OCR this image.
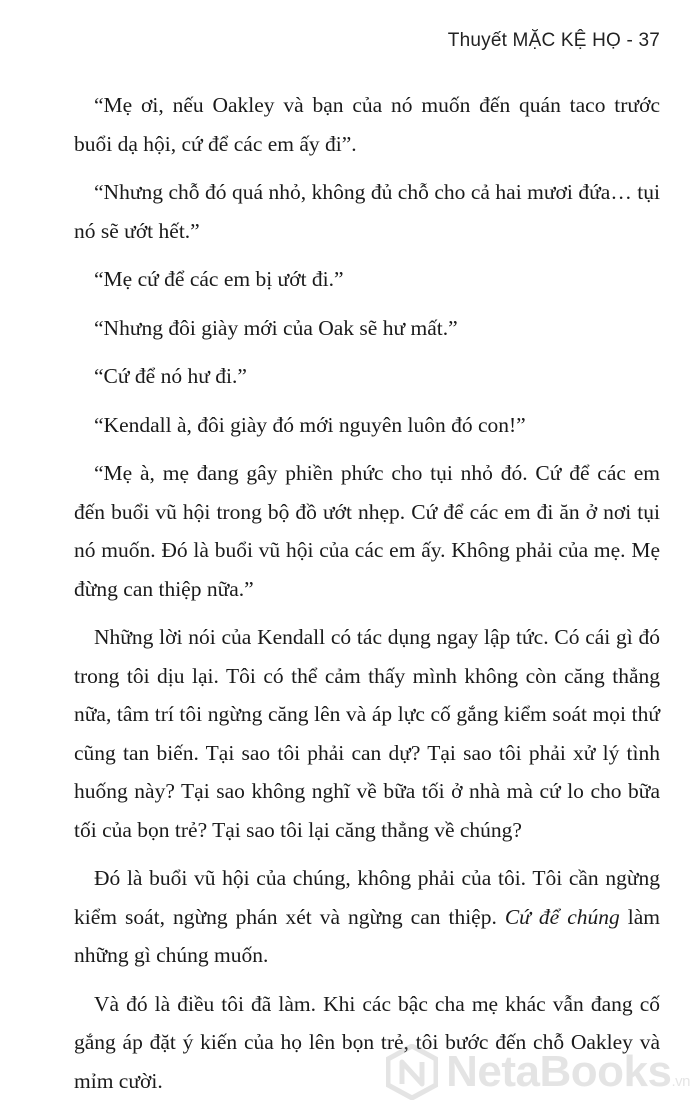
Thuyết MẶC KỆ HỌ - 37

“Mẹ ơi, nếu Oakley và bạn của nó muốn đến quán taco trước buổi dạ hội, cứ để các em ấy đi”.

“Nhưng chỗ đó quá nhỏ, không đủ chỗ cho cả hai mươi đứa… tụi nó sẽ ướt hết.”

“Mẹ cứ để các em bị ướt đi.”

“Nhưng đôi giày mới của Oak sẽ hư mất.”

“Cứ để nó hư đi.”

“Kendall à, đôi giày đó mới nguyên luôn đó con!”

“Mẹ à, mẹ đang gây phiền phức cho tụi nhỏ đó. Cứ để các em đến buổi vũ hội trong bộ đồ ướt nhẹp. Cứ để các em đi ăn ở nơi tụi nó muốn. Đó là buổi vũ hội của các em ấy. Không phải của mẹ. Mẹ đừng can thiệp nữa.”

Những lời nói của Kendall có tác dụng ngay lập tức. Có cái gì đó trong tôi dịu lại. Tôi có thể cảm thấy mình không còn căng thẳng nữa, tâm trí tôi ngừng căng lên và áp lực cố gắng kiểm soát mọi thứ cũng tan biến. Tại sao tôi phải can dự? Tại sao tôi phải xử lý tình huống này? Tại sao không nghĩ về bữa tối ở nhà mà cứ lo cho bữa tối của bọn trẻ? Tại sao tôi lại căng thẳng về chúng?

Đó là buổi vũ hội của chúng, không phải của tôi. Tôi cần ngừng kiểm soát, ngừng phán xét và ngừng can thiệp. Cứ để chúng làm những gì chúng muốn.

Và đó là điều tôi đã làm. Khi các bậc cha mẹ khác vẫn đang cố gắng áp đặt ý kiến của họ lên bọn trẻ, tôi bước đến chỗ Oakley và mỉm cười.	NetaBooks.vn
